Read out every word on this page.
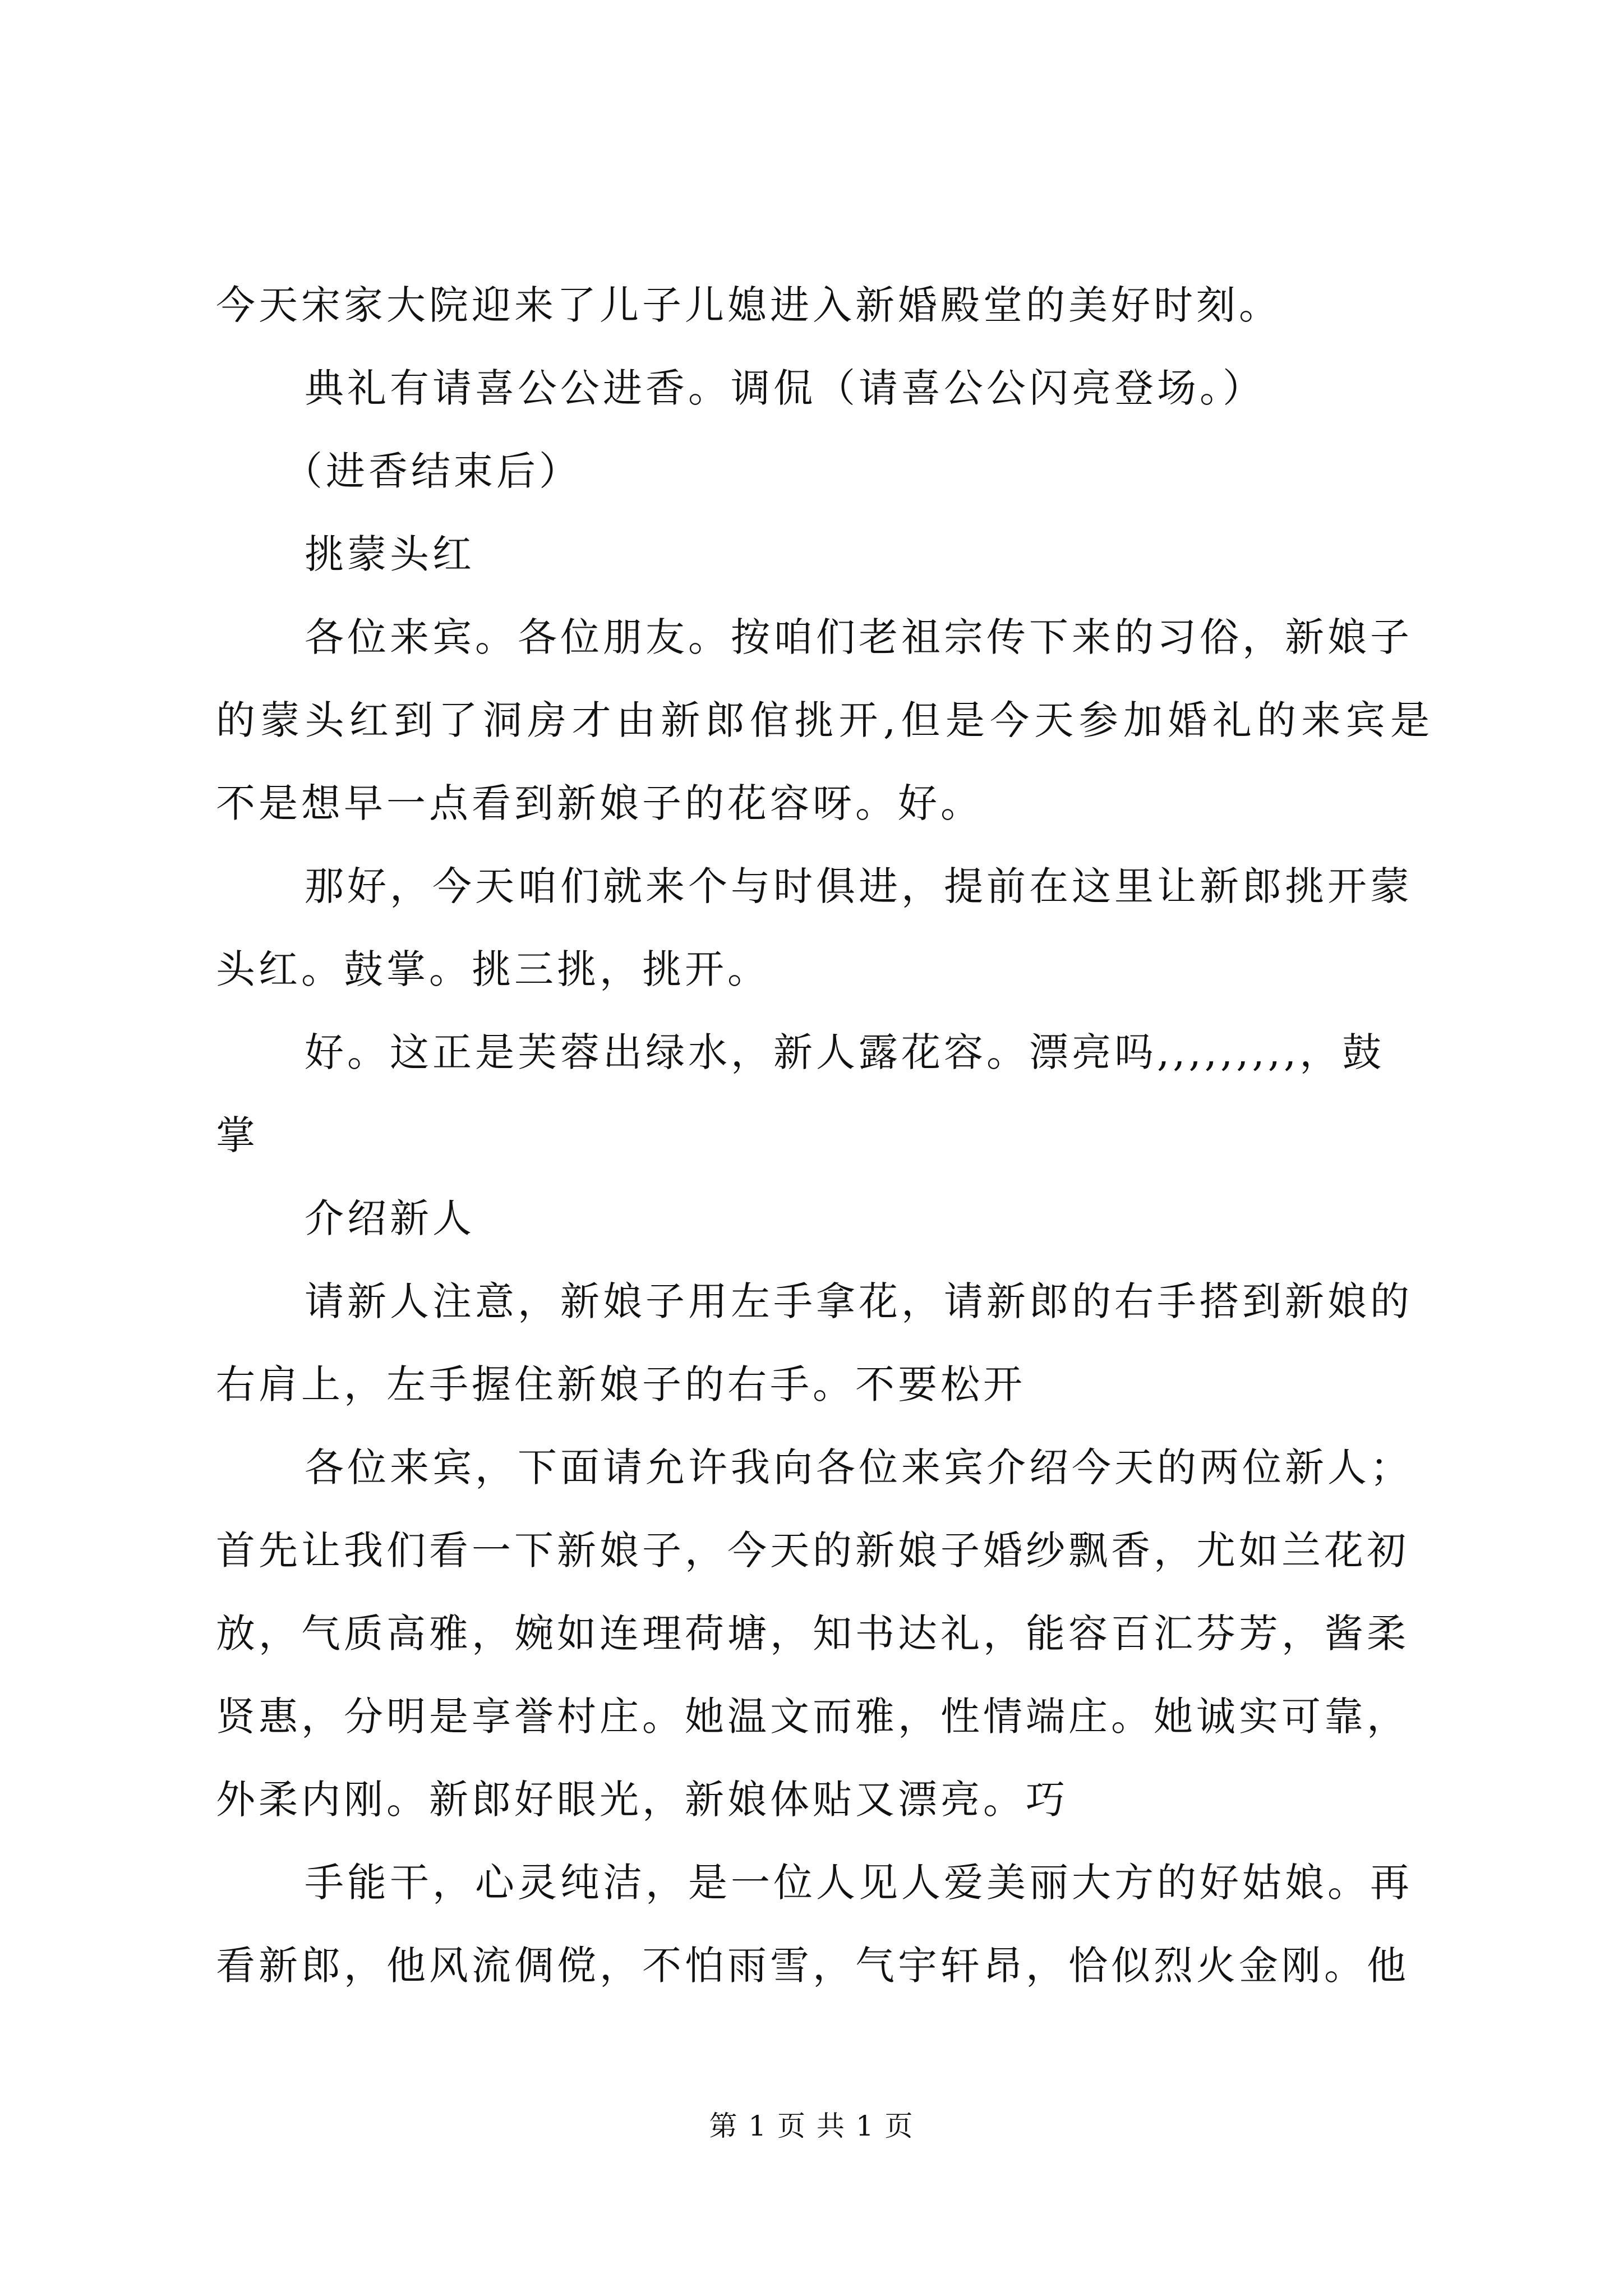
今天宋家大院迎来了儿子儿媳进入新婚殿堂的美好时刻。
典礼有请喜公公进香。调侃（请喜公公闪亮登场。）
（进香结束后）
挑蒙头红
各位来宾。各位朋友。按咱们老祖宗传下来的习俗，新娘子
的蒙头红到了洞房才由新郎倌挑开,但是今天参加婚礼的来宾是
不是想早一点看到新娘子的花容呀。好。
那好，今天咱们就来个与时俱进，提前在这里让新郎挑开蒙
头红。鼓掌。挑三挑，挑开。
好。这正是芙蓉出绿水，新人露花容。漂亮吗,,,,,,,,,，鼓
掌
介绍新人
请新人注意，新娘子用左手拿花，请新郎的右手搭到新娘的
右肩上，左手握住新娘子的右手。不要松开
各位来宾，下面请允许我向各位来宾介绍今天的两位新人；
首先让我们看一下新娘子，今天的新娘子婚纱飘香，尤如兰花初
放，气质高雅，婉如连理荷塘，知书达礼，能容百汇芬芳，酱柔
贤惠，分明是享誉村庄。她温文而雅，性情端庄。她诚实可靠，
外柔内刚。新郎好眼光，新娘体贴又漂亮。巧
手能干，心灵纯洁，是一位人见人爱美丽大方的好姑娘。再
看新郎，他风流倜傥，不怕雨雪，气宇轩昂，恰似烈火金刚。他
第 1 页 共 1 页
